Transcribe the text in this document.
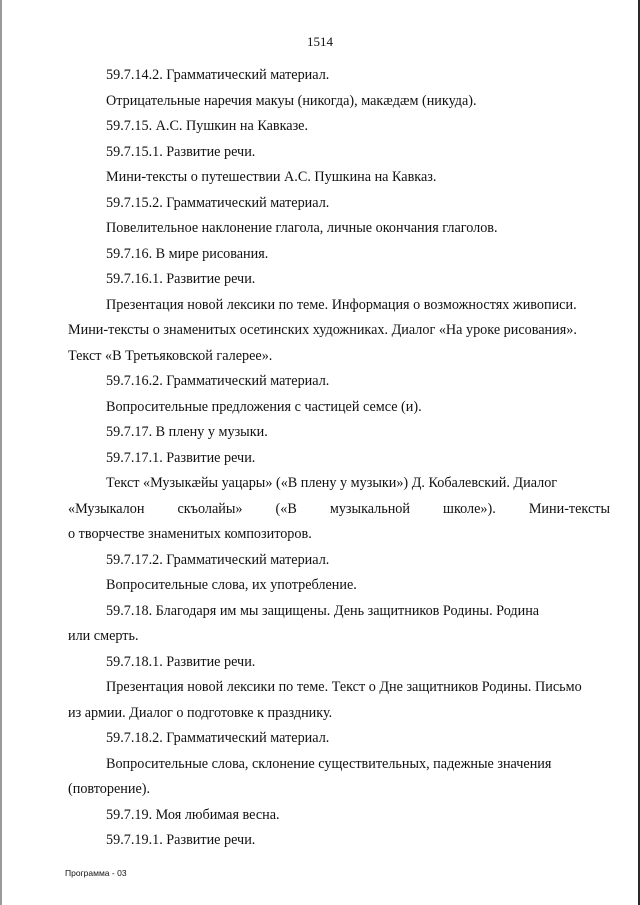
1514

59.7.14.2. Грамматический материал.

Отрицательные наречия макуы (никогда), макæдæм (никуда).

59.7.15. А.С. Пушкин на Кавказе.

59.7.15.1. Развитие речи.

Мини-тексты о путешествии А.С. Пушкина на Кавказ.

59.7.15.2. Грамматический материал.

Повелительное наклонение глагола, личные окончания глаголов.

59.7.16. В мире рисования.

59.7.16.1. Развитие речи.

Презентация новой лексики по теме. Информация о возможностях живописи.

Мини-тексты о знаменитых осетинских художниках. Диалог «На уроке рисования».

Текст «В Третьяковской галерее».

59.7.16.2. Грамматический материал.

Вопросительные предложения с частицей семсе (и).

59.7.17. В плену у музыки.

59.7.17.1. Развитие речи.

Текст «Музыкæйы уацары» («В плену у музыки») Д. Кобалевский. Диалог

«Музыкалон скъолайы» («В музыкальной школе»). Мини-тексты

о творчестве знаменитых композиторов.

59.7.17.2. Грамматический материал.

Вопросительные слова, их употребление.

59.7.18. Благодаря им мы защищены. День защитников Родины. Родина

или смерть.

59.7.18.1. Развитие речи.

Презентация новой лексики по теме. Текст о Дне защитников Родины. Письмо

из армии. Диалог о подготовке к празднику.

59.7.18.2. Грамматический материал.

Вопросительные слова, склонение существительных, падежные значения

(повторение).

59.7.19. Моя любимая весна.

59.7.19.1. Развитие речи.

Программа - 03
